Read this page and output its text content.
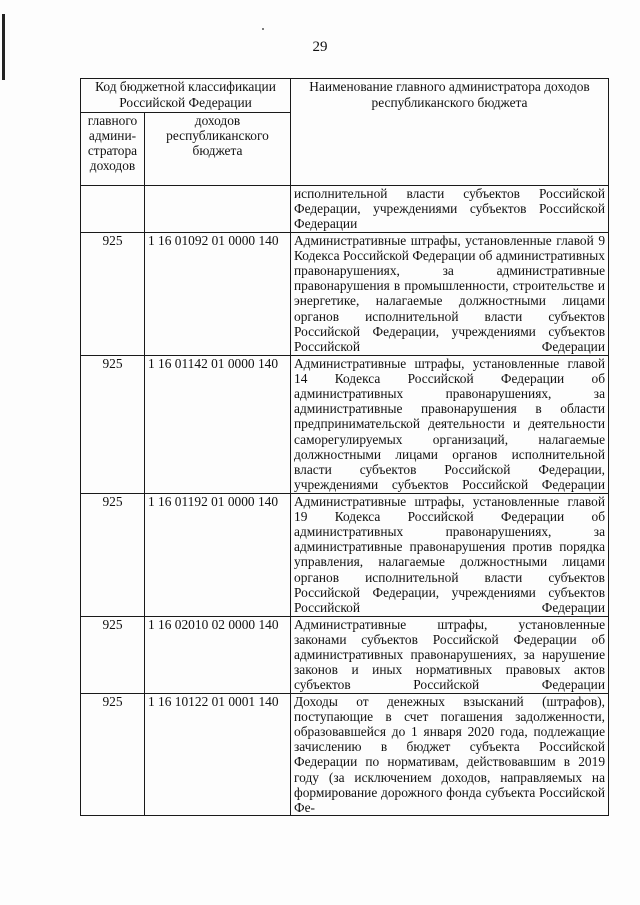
29
Код бюджетной классификации Российской Федерации		Наименование главного администратора доходов республиканского бюджета
главного админи-стратора доходов	доходов республиканского бюджета	
		исполнительной власти субъектов Российской Федерации, учреждениями субъектов Российской Федерации
925	1 16 01092 01 0000 140	Административные штрафы, установленные главой 9 Кодекса Российской Федерации об административных правонарушениях, за административные правонарушения в промышленности, строительстве и энергетике, налагаемые должностными лицами органов исполнительной власти субъектов Российской Федерации, учреждениями субъектов Российской Федерации
925	1 16 01142 01 0000 140	Административные штрафы, установленные главой 14 Кодекса Российской Федерации об административных правонарушениях, за административные правонарушения в области предпринимательской деятельности и деятельности саморегулируемых организаций, налагаемые должностными лицами органов исполнительной власти субъектов Российской Федерации, учреждениями субъектов Российской Федерации
925	1 16 01192 01 0000 140	Административные штрафы, установленные главой 19 Кодекса Российской Федерации об административных правонарушениях, за административные правонарушения против порядка управления, налагаемые должностными лицами органов исполнительной власти субъектов Российской Федерации, учреждениями субъектов Российской Федерации
925	1 16 02010 02 0000 140	Административные штрафы, установленные законами субъектов Российской Федерации об административных правонарушениях, за нарушение законов и иных нормативных правовых актов субъектов Российской Федерации
925	1 16 10122 01 0001 140	Доходы от денежных взысканий (штрафов), поступающие в счет погашения задолженности, образовавшейся до 1 января 2020 года, подлежащие зачислению в бюджет субъекта Российской Федерации по нормативам, действовавшим в 2019 году (за исключением доходов, направляемых на формирование дорожного фонда субъекта Российской Фе-
